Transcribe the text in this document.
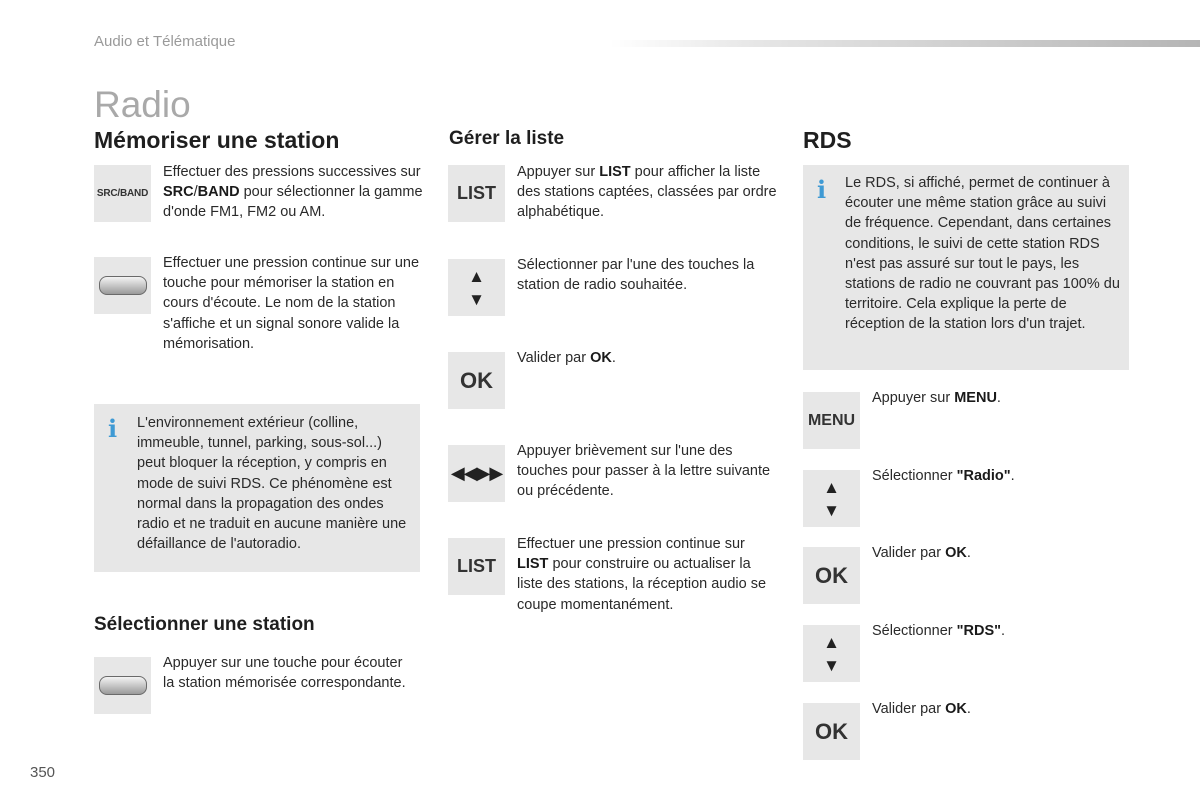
Audio et Télématique
Radio
Mémoriser une station
SRC/BAND
Effectuer des pressions successives sur SRC/BAND pour sélectionner la gamme d'onde FM1, FM2 ou AM.
Effectuer une pression continue sur une touche pour mémoriser la station en cours d'écoute. Le nom de la station s'affiche et un signal sonore valide la mémorisation.
i L'environnement extérieur (colline, immeuble, tunnel, parking, sous-sol...) peut bloquer la réception, y compris en mode de suivi RDS. Ce phénomène est normal dans la propagation des ondes radio et ne traduit en aucune manière une défaillance de l'autoradio.
Sélectionner une station
Appuyer sur une touche pour écouter la station mémorisée correspondante.
Gérer la liste
LIST
Appuyer sur LIST pour afficher la liste des stations captées, classées par ordre alphabétique.
▲
▼
Sélectionner par l'une des touches la station de radio souhaitée.
OK
Valider par OK.
◀◀▶▶
Appuyer brièvement sur l'une des touches pour passer à la lettre suivante ou précédente.
LIST
Effectuer une pression continue sur LIST pour construire ou actualiser la liste des stations, la réception audio se coupe momentanément.
RDS
i Le RDS, si affiché, permet de continuer à écouter une même station grâce au suivi de fréquence. Cependant, dans certaines conditions, le suivi de cette station RDS n'est pas assuré sur tout le pays, les stations de radio ne couvrant pas 100% du territoire. Cela explique la perte de réception de la station lors d'un trajet.
MENU
Appuyer sur MENU.
▲
▼
Sélectionner "Radio".
OK
Valider par OK.
▲
▼
Sélectionner "RDS".
OK
Valider par OK.
350
